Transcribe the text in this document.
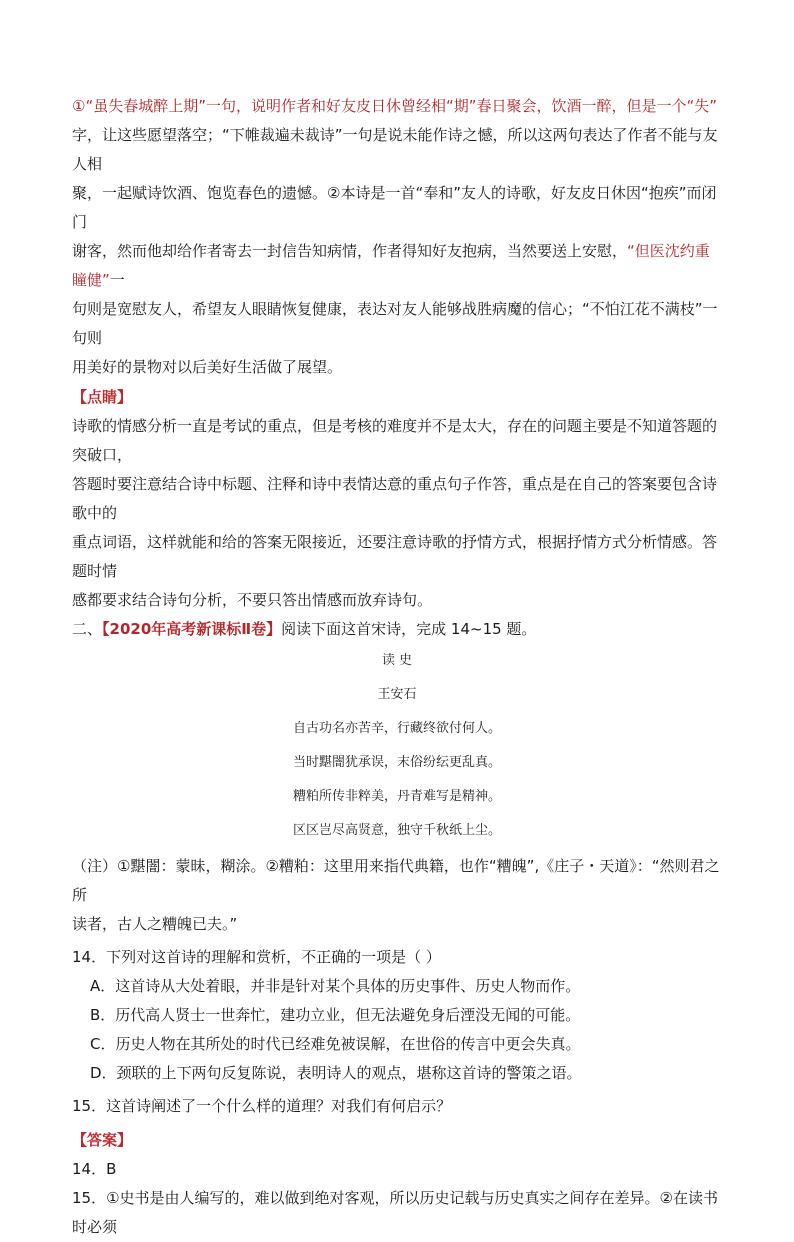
①“虽失春城醉上期”一句，说明作者和好友皮日休曾经相“期”春日聚会，饮酒一醉，但是一个“失”

字，让这些愿望落空；“下帷裁遍未裁诗”一句是说未能作诗之憾，所以这两句表达了作者不能与友人相

聚，一起赋诗饮酒、饱览春色的遗憾。②本诗是一首“奉和”友人的诗歌，好友皮日休因“抱疾”而闭门

谢客，然而他却给作者寄去一封信告知病情，作者得知好友抱病，当然要送上安慰，“但医沈约重瞳健”一

句则是宽慰友人，希望友人眼睛恢复健康，表达对友人能够战胜病魔的信心；“不怕江花不满枝”一句则

用美好的景物对以后美好生活做了展望。

【点睛】

诗歌的情感分析一直是考试的重点，但是考核的难度并不是太大，存在的问题主要是不知道答题的突破口，

答题时要注意结合诗中标题、注释和诗中表情达意的重点句子作答，重点是在自己的答案要包含诗歌中的

重点词语，这样就能和给的答案无限接近，还要注意诗歌的抒情方式，根据抒情方式分析情感。答题时情

感都要求结合诗句分析，不要只答出情感而放弃诗句。

二、【2020年高考新课标Ⅱ卷】阅读下面这首宋诗，完成 14~15 题。

读 史
王安石
自古功名亦苦辛，行藏终欲付何人。
当时黮闇犹承误，末俗纷纭更乱真。
糟粕所传非粹美，丹青难写是精神。
区区岂尽高贤意，独守千秋纸上尘。

（注）①黮闇：蒙昧，糊涂。②糟粕：这里用来指代典籍，也作“糟魄”,《庄子・天道》：“然则君之所

读者，古人之糟魄已夫。”

14．下列对这首诗的理解和赏析，不正确的一项是（ ）

A．这首诗从大处着眼，并非是针对某个具体的历史事件、历史人物而作。

B．历代高人贤士一世奔忙，建功立业，但无法避免身后湮没无闻的可能。

C．历史人物在其所处的时代已经难免被误解，在世俗的传言中更会失真。

D．颈联的上下两句反复陈说，表明诗人的观点，堪称这首诗的警策之语。

15．这首诗阐述了一个什么样的道理？对我们有何启示？

【答案】

14．B

15．①史书是由人编写的，难以做到绝对客观，所以历史记载与历史真实之间存在差异。②在读书时必须
